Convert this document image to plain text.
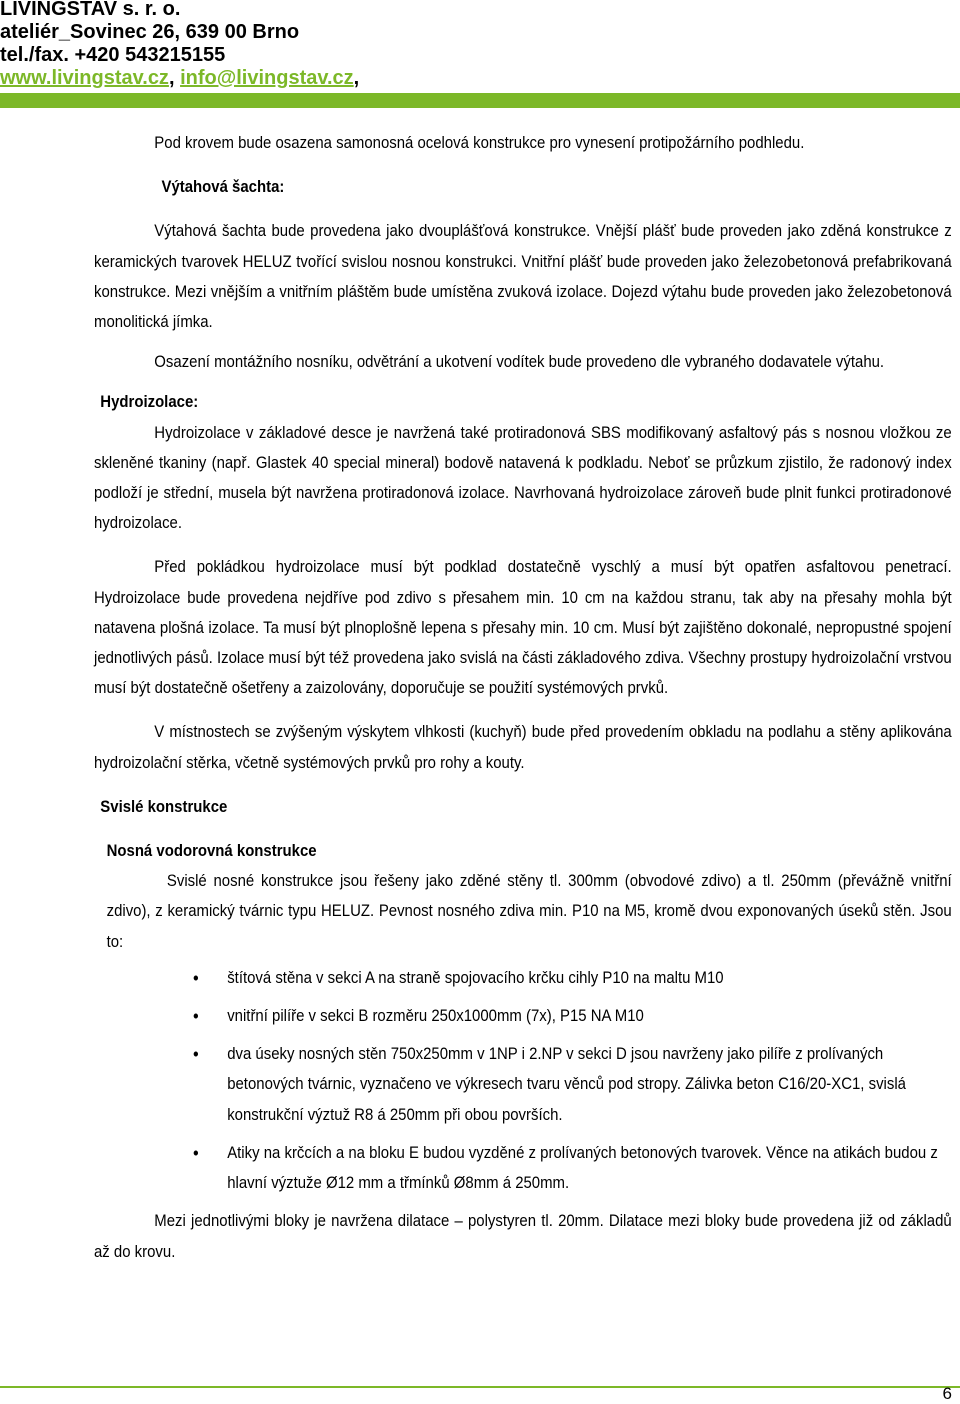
LIVINGSTAV s. r. o.

ateliér_Sovinec 26, 639 00 Brno

tel./fax. +420 543215155

www.livingstav.cz, info@livingstav.cz,

Pod krovem bude osazena samonosná ocelová konstrukce pro vynesení protipožárního podhledu.

Výtahová šachta:

Výtahová šachta bude provedena jako dvouplášťová konstrukce. Vnější plášť bude proveden jako zděná konstrukce z keramických tvarovek HELUZ tvořící svislou nosnou konstrukci. Vnitřní plášť bude proveden jako železobetonová prefabrikovaná konstrukce. Mezi vnějším a vnitřním pláštěm bude umístěna zvuková izolace. Dojezd výtahu bude proveden jako železobetonová monolitická jímka.

Osazení montážního nosníku, odvětrání a ukotvení vodítek bude provedeno dle vybraného dodavatele výtahu.

Hydroizolace:

Hydroizolace v základové desce je navržená také protiradonová SBS modifikovaný asfaltový pás s nosnou vložkou ze skleněné tkaniny (např. Glastek 40 special mineral) bodově natavená k podkladu. Neboť se průzkum zjistilo, že radonový index podloží je střední, musela být navržena protiradonová izolace. Navrhovaná hydroizolace zároveň bude plnit funkci protiradonové hydroizolace.

Před pokládkou hydroizolace musí být podklad dostatečně vyschlý a musí být opatřen asfaltovou penetrací. Hydroizolace bude provedena nejdříve pod zdivo s přesahem min. 10 cm na každou stranu, tak aby na přesahy mohla být natavena plošná izolace. Ta musí být plnoplošně lepena s přesahy min. 10 cm. Musí být zajištěno dokonalé, nepropustné spojení jednotlivých pásů. Izolace musí být též provedena jako svislá na části základového zdiva. Všechny prostupy hydroizolační vrstvou musí být dostatečně ošetřeny a zaizolovány, doporučuje se použití systémových prvků.

V místnostech se zvýšeným výskytem vlhkosti (kuchyň) bude před provedením obkladu na podlahu a stěny aplikována hydroizolační stěrka, včetně systémových prvků pro rohy a kouty.

Svislé konstrukce

Nosná vodorovná konstrukce

Svislé nosné konstrukce jsou řešeny jako zděné stěny tl. 300mm (obvodové zdivo) a tl. 250mm (převážně vnitřní zdivo), z keramický tvárnic typu HELUZ. Pevnost nosného zdiva min. P10 na M5, kromě dvou exponovaných úseků stěn. Jsou to:

• štítová stěna v sekci A na straně spojovacího krčku cihly P10 na maltu M10
• vnitřní pilíře v sekci B rozměru 250x1000mm (7x), P15 NA M10
• dva úseky nosných stěn 750x250mm v 1NP i 2.NP v sekci D jsou navrženy jako pilíře z prolívaných betonových tvárnic, vyznačeno ve výkresech tvaru věnců pod stropy. Zálivka beton C16/20-XC1, svislá konstrukční výztuž R8 á 250mm při obou površích.
• Atiky na krčcích a na bloku E budou vyzděné z prolívaných betonových tvarovek. Věnce na atikách budou z hlavní výztuže Ø12 mm a třmínků Ø8mm á 250mm.

Mezi jednotlivými bloky je navržena dilatace – polystyren tl. 20mm. Dilatace mezi bloky bude provedena již od základů až do krovu.

6
